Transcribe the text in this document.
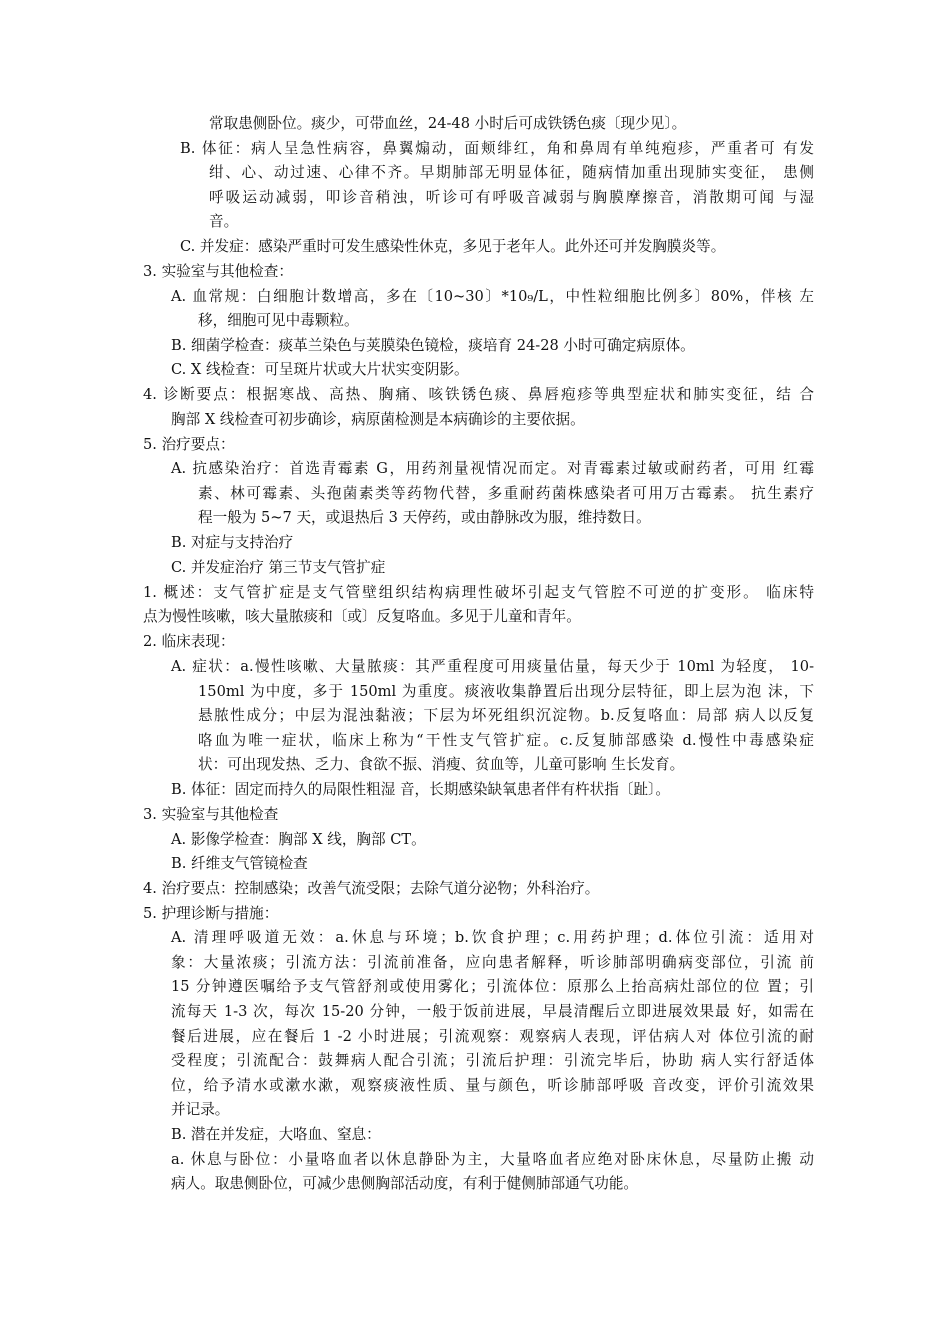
常取患侧卧位。痰少，可带血丝，24-48 小时后可成铁锈色痰〔现少见〕。
B. 体征：病人呈急性病容，鼻翼煽动，面颊绯红，角和鼻周有单纯疱疹，严重者可 有发
绀、心、动过速、心律不齐。早期肺部无明显体征，随病情加重出现肺实变征， 患侧
呼吸运动减弱，叩诊音稍浊，听诊可有呼吸音减弱与胸膜摩擦音，消散期可闻 与湿
音。
C. 并发症：感染严重时可发生感染性休克，多见于老年人。此外还可并发胸膜炎等。
3. 实验室与其他检查：
A. 血常规：白细胞计数增高，多在〔10~30〕*10₉/L，中性粒细胞比例多〕80%，伴核 左
移，细胞可见中毒颗粒。
B. 细菌学检查：痰革兰染色与荚膜染色镜检，痰培育 24-28 小时可确定病原体。
C. X 线检查：可呈斑片状或大片状实变阴影。
4. 诊断要点：根据寒战、高热、胸痛、咳铁锈色痰、鼻唇疱疹等典型症状和肺实变征，结 合
胸部 X 线检查可初步确诊，病原菌检测是本病确诊的主要依据。
5. 治疗要点：
A. 抗感染治疗：首选青霉素 G，用药剂量视情况而定。对青霉素过敏或耐药者，可用 红霉
素、林可霉素、头孢菌素类等药物代替，多重耐药菌株感染者可用万古霉素。 抗生素疗
程一般为 5~7 天，或退热后 3 天停药，或由静脉改为服，维持数日。
B. 对症与支持治疗
C. 并发症治疗 第三节支气管扩症
1. 概述：支气管扩症是支气管壁组织结构病理性破坏引起支气管腔不可逆的扩变形。 临床特
点为慢性咳嗽，咳大量脓痰和〔或〕反复咯血。多见于儿童和青年。
2. 临床表现：
A. 症状：a.慢性咳嗽、大量脓痰：其严重程度可用痰量估量，每天少于 10ml 为轻度， 10-
150ml 为中度，多于 150ml 为重度。痰液收集静置后出现分层特征，即上层为泡 沫，下
悬脓性成分；中层为混浊黏液；下层为坏死组织沉淀物。b.反复咯血：局部 病人以反复
咯血为唯一症状，临床上称为“干性支气管扩症。c.反复肺部感染 d.慢性中毒感染症
状：可出现发热、乏力、食欲不振、消瘦、贫血等，儿童可影响 生长发育。
B. 体征：固定而持久的局限性粗湿 音，长期感染缺氧患者伴有杵状指〔趾〕。
3. 实验室与其他检查
A. 影像学检查：胸部 X 线，胸部 CT。
B. 纤维支气管镜检查
4. 治疗要点：控制感染；改善气流受限；去除气道分泌物；外科治疗。
5. 护理诊断与措施：
A. 清理呼吸道无效：a.休息与环境；b.饮食护理；c.用药护理；d.体位引流：适用对
象：大量浓痰；引流方法：引流前准备，应向患者解释，听诊肺部明确病变部位，引流 前
15 分钟遵医嘱给予支气管舒剂或使用雾化；引流体位：原那么上抬高病灶部位的位 置；引
流每天 1-3 次，每次 15-20 分钟，一般于饭前进展，早晨清醒后立即进展效果最 好，如需在
餐后进展，应在餐后 1 -2 小时进展；引流观察：观察病人表现，评估病人对 体位引流的耐
受程度；引流配合：鼓舞病人配合引流；引流后护理：引流完毕后，协助 病人实行舒适体
位，给予清水或漱水漱，观察痰液性质、量与颜色，听诊肺部呼吸 音改变，评价引流效果
并记录。
B. 潜在并发症，大咯血、窒息：
a. 休息与卧位：小量咯血者以休息静卧为主，大量咯血者应绝对卧床休息，尽量防止搬 动
病人。取患侧卧位，可减少患侧胸部活动度，有利于健侧肺部通气功能。
